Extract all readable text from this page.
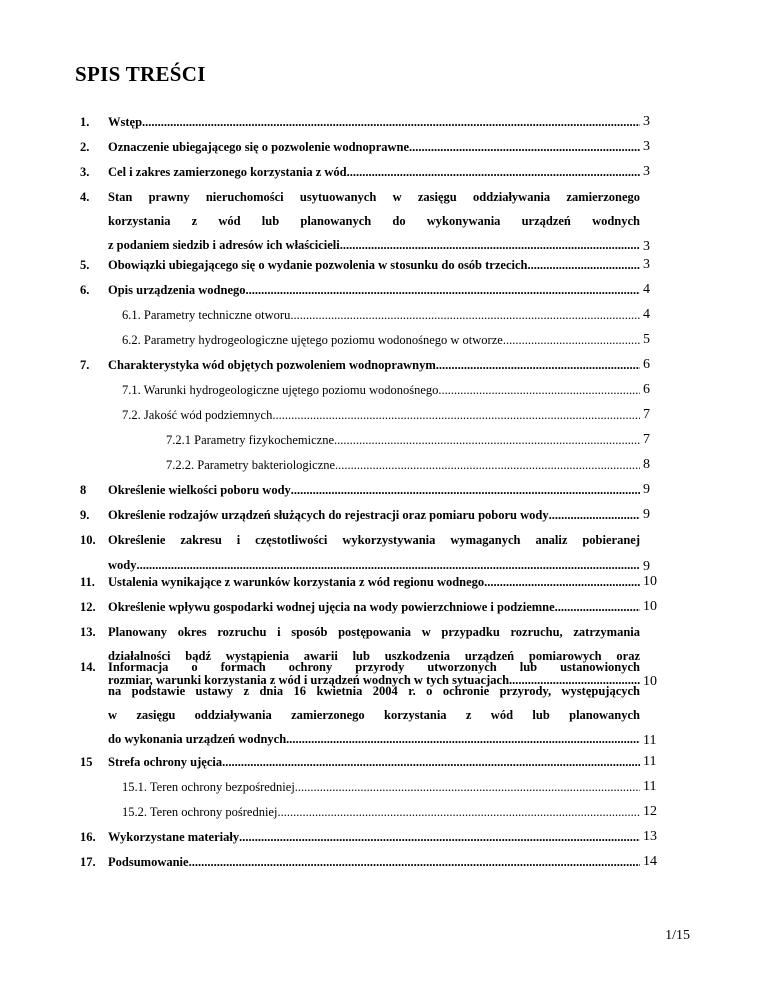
SPIS TREŚCI
1. Wstęp .....	3
2. Oznaczenie ubiegającego się o pozwolenie wodnoprawne .....	3
3. Cel i zakres zamierzonego korzystania z wód .....	3
4. Stan prawny nieruchomości usytuowanych w zasięgu oddziaływania zamierzonego
korzystania z wód lub planowanych do wykonywania urządzeń wodnych
z podaniem siedzib i adresów ich właścicieli. .....	3
5. Obowiązki ubiegającego się o wydanie pozwolenia w stosunku do osób trzecich .....	3
6. Opis urządzenia wodnego .....	4
6.1. Parametry techniczne otworu .....	4
6.2. Parametry hydrogeologiczne ujętego poziomu wodonośnego w otworze .....	5
7. Charakterystyka wód objętych pozwoleniem wodnoprawnym .....	6
7.1. Warunki hydrogeologiczne ujętego poziomu wodonośnego .....	6
7.2. Jakość wód podziemnych .....	7
7.2.1 Parametry fizykochemiczne .....	7
7.2.2. Parametry bakteriologiczne .....	8
8 Określenie wielkości poboru wody .....	9
9. Określenie rodzajów urządzeń służących do rejestracji oraz pomiaru poboru wody .....	9
10. Określenie zakresu i częstotliwości wykorzystywania wymaganych analiz pobieranej
wody .....	9
11. Ustalenia wynikające z warunków korzystania z wód regionu wodnego .....	10
12. Określenie wpływu gospodarki wodnej ujęcia na wody powierzchniowe i podziemne .....	10
13. Planowany okres rozruchu i sposób postępowania w przypadku rozruchu, zatrzymania
działalności bądź wystąpienia awarii lub uszkodzenia urządzeń pomiarowych oraz
rozmiar, warunki korzystania z wód i urządzeń wodnych w tych sytuacjach .....	10
14. Informacja o formach ochrony przyrody utworzonych lub ustanowionych
na podstawie ustawy z dnia 16 kwietnia 2004 r. o ochronie przyrody, występujących
w zasięgu oddziaływania zamierzonego korzystania z wód lub planowanych
do wykonania urządzeń wodnych .....	11
15 Strefa ochrony ujęcia .....	11
15.1. Teren ochrony bezpośredniej .....	11
15.2. Teren ochrony pośredniej .....	12
16. Wykorzystane materiały .....	13
17. Podsumowanie .....	14
1/15
